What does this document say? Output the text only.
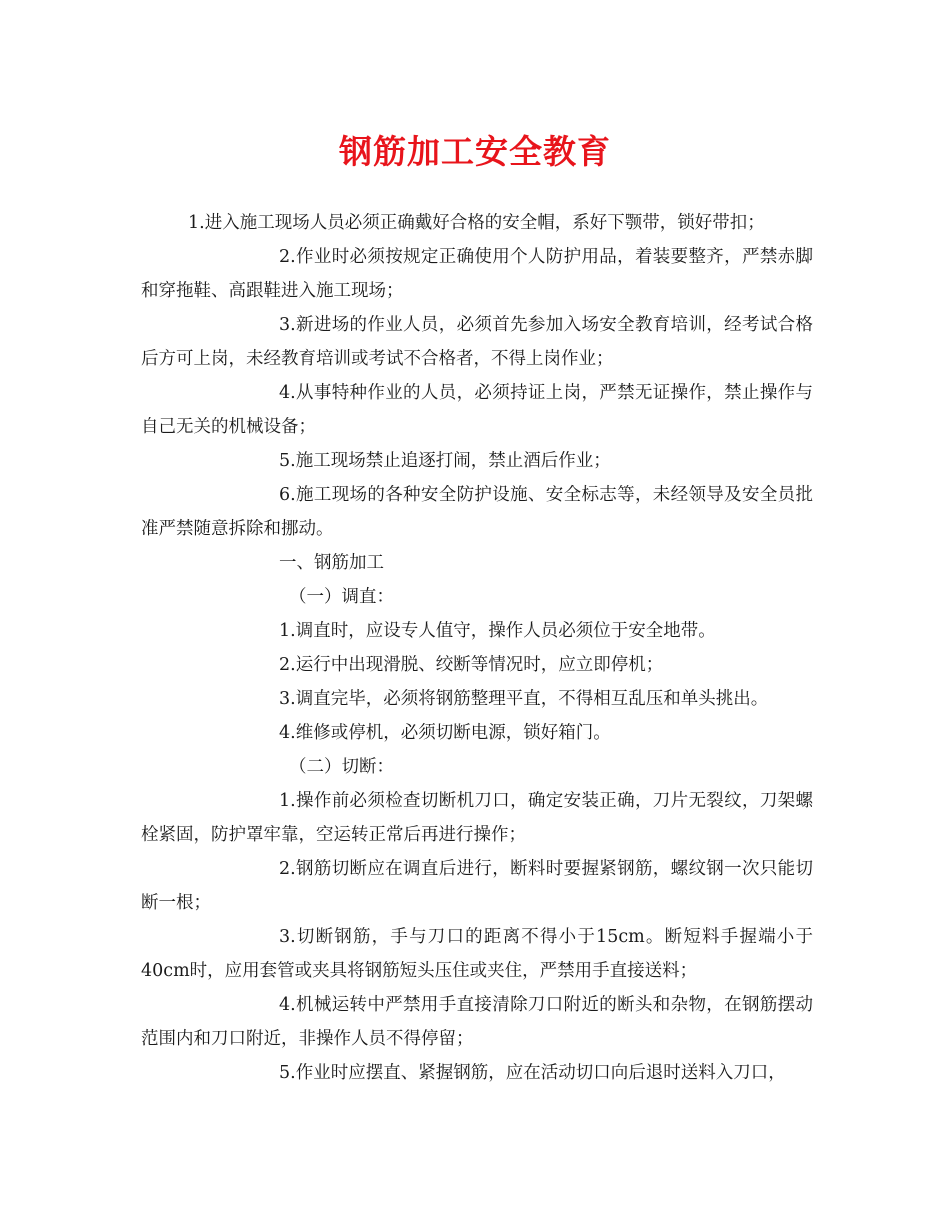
钢筋加工安全教育

1.进入施工现场人员必须正确戴好合格的安全帽，系好下颚带，锁好带扣；

2.作业时必须按规定正确使用个人防护用品，着装要整齐，严禁赤脚和穿拖鞋、高跟鞋进入施工现场；

3.新进场的作业人员，必须首先参加入场安全教育培训，经考试合格后方可上岗，未经教育培训或考试不合格者，不得上岗作业；

4.从事特种作业的人员，必须持证上岗，严禁无证操作，禁止操作与自己无关的机械设备；

5.施工现场禁止追逐打闹，禁止酒后作业；

6.施工现场的各种安全防护设施、安全标志等，未经领导及安全员批准严禁随意拆除和挪动。

一、钢筋加工

（一）调直：

1.调直时，应设专人值守，操作人员必须位于安全地带。

2.运行中出现滑脱、绞断等情况时，应立即停机；

3.调直完毕，必须将钢筋整理平直，不得相互乱压和单头挑出。

4.维修或停机，必须切断电源，锁好箱门。

（二）切断：

1.操作前必须检查切断机刀口，确定安装正确，刀片无裂纹，刀架螺栓紧固，防护罩牢靠，空运转正常后再进行操作；

2.钢筋切断应在调直后进行，断料时要握紧钢筋，螺纹钢一次只能切断一根；

3.切断钢筋，手与刀口的距离不得小于15cm。断短料手握端小于40cm时，应用套管或夹具将钢筋短头压住或夹住，严禁用手直接送料；

4.机械运转中严禁用手直接清除刀口附近的断头和杂物，在钢筋摆动范围内和刀口附近，非操作人员不得停留；

5.作业时应摆直、紧握钢筋，应在活动切口向后退时送料入刀口，
